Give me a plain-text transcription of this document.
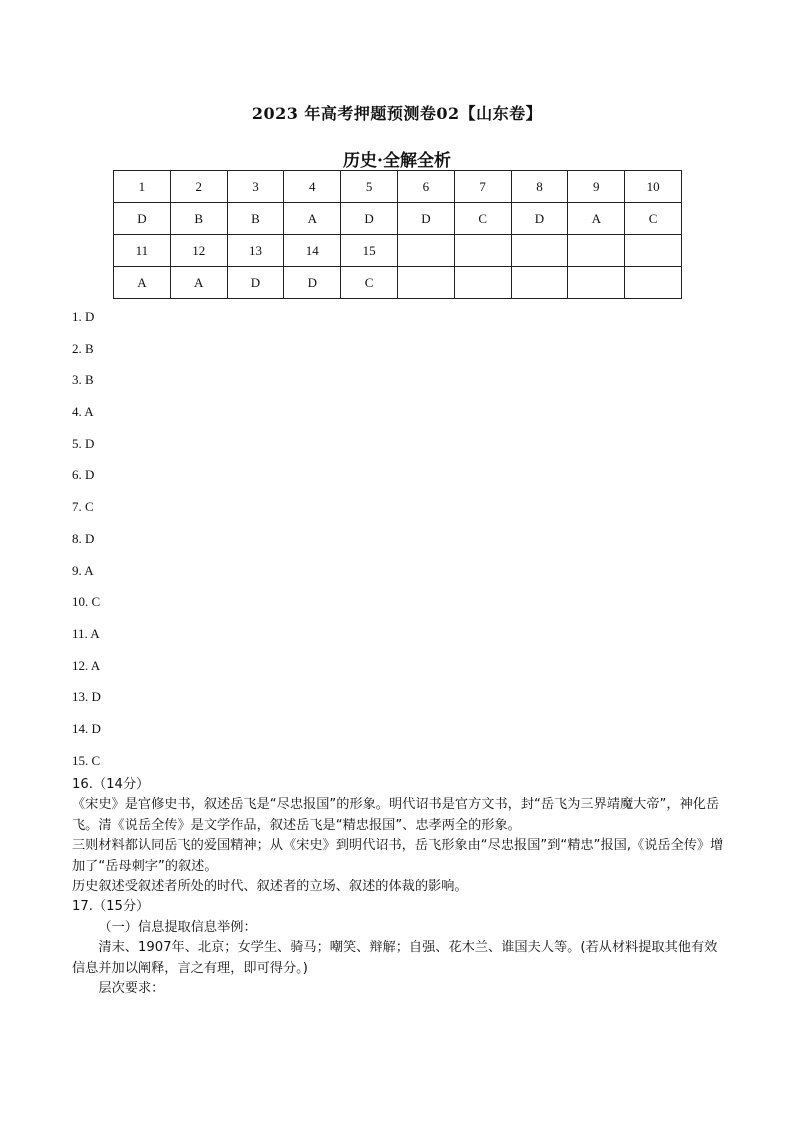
2023 年高考押题预测卷02【山东卷】
历史·全解全析
1	2	3	4	5	6	7	8	9	10
D	B	B	A	D	D	C	D	A	C
11	12	13	14	15					
A	A	D	D	C					
1. D
2. B
3. B
4. A
5. D
6. D
7. C
8. D
9. A
10. C
11. A
12. A
13. D
14. D
15. C

16.（14分）

《宋史》是官修史书，叙述岳飞是“尽忠报国”的形象。明代诏书是官方文书，封“岳飞为三界靖魔大帝”，神化岳飞。清《说岳全传》是文学作品，叙述岳飞是“精忠报国”、忠孝两全的形象。

三则材料都认同岳飞的爱国精神；从《宋史》到明代诏书，岳飞形象由“尽忠报国”到“精忠”报国,《说岳全传》增加了“岳母刺字”的叙述。

历史叙述受叙述者所处的时代、叙述者的立场、叙述的体裁的影响。

17.（15分）

（一）信息提取信息举例：

清末、1907年、北京；女学生、骑马；嘲笑、辩解；自强、花木兰、谁国夫人等。(若从材料提取其他有效信息并加以阐释，言之有理，即可得分。)

层次要求：
